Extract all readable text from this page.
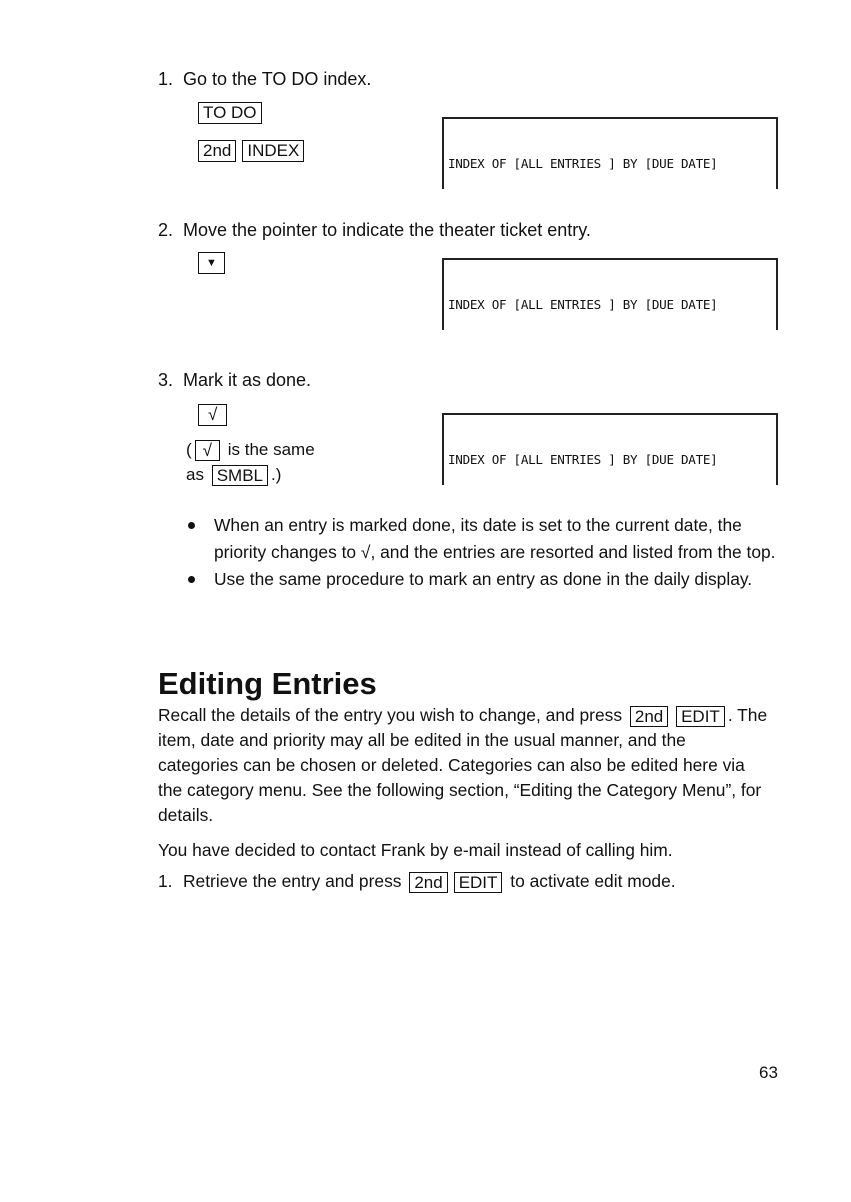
1. Go to the TO DO index.
TO DO
2nd INDEX

INDEX OF [ALL ENTRIES ] BY [DUE DATE]

2. Move the pointer to indicate the theater ticket entry.
▼

INDEX OF [ALL ENTRIES ] BY [DUE DATE]

3. Mark it as done.
√
( √ is the same
as SMBL .)

INDEX OF [ALL ENTRIES ] BY [DUE DATE]

When an entry is marked done, its date is set to the current date, the priority changes to √, and the entries are resorted and listed from the top.
Use the same procedure to mark an entry as done in the daily display.
Editing Entries
Recall the details of the entry you wish to change, and press 2nd EDIT . The item, date and priority may all be edited in the usual manner, and the categories can be chosen or deleted. Categories can also be edited here via the category menu. See the following section, “Editing the Category Menu”, for details.
You have decided to contact Frank by e-mail instead of calling him.
1. Retrieve the entry and press 2nd EDIT to activate edit mode.
63
